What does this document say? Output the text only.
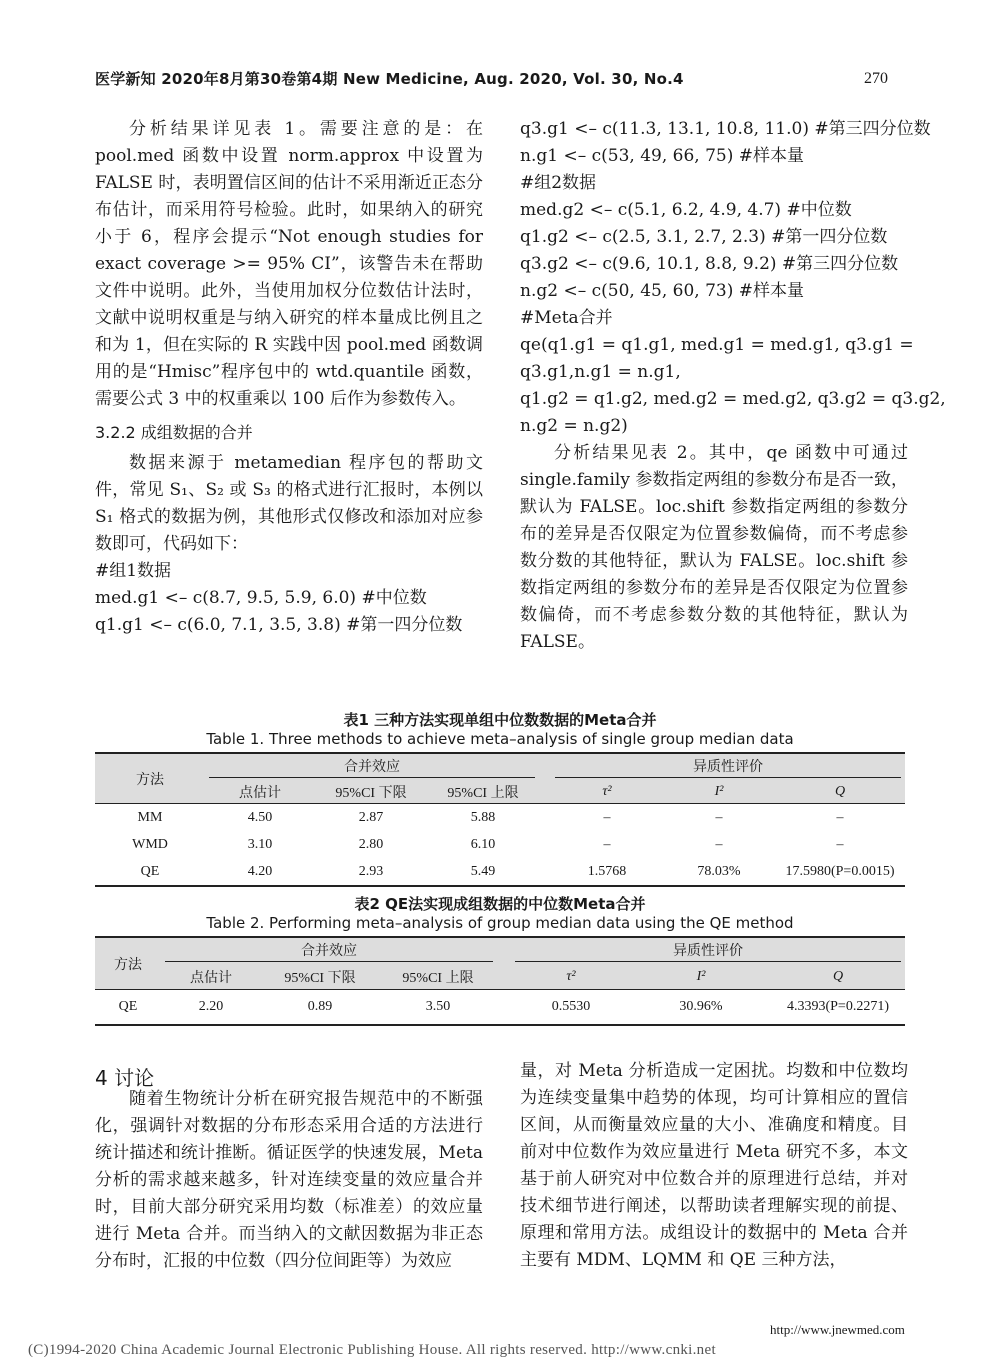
医学新知 2020年8月第30卷第4期 New Medicine, Aug. 2020, Vol. 30, No.4	270

分析结果详见表 1。需要注意的是：在 pool.med 函数中设置 norm.approx 中设置为 FALSE 时，表明置信区间的估计不采用渐近正态分布估计，而采用符号检验。此时，如果纳入的研究小于 6，程序会提示“Not enough studies for exact coverage >= 95% CI”，该警告未在帮助文件中说明。此外，当使用加权分位数估计法时，文献中说明权重是与纳入研究的样本量成比例且之和为 1，但在实际的 R 实践中因 pool.med 函数调用的是“Hmisc”程序包中的 wtd.quantile 函数，需要公式 3 中的权重乘以 100 后作为参数传入。

3.2.2 成组数据的合并

数据来源于 metamedian 程序包的帮助文件，常见 S₁、S₂ 或 S₃ 的格式进行汇报时，本例以 S₁ 格式的数据为例，其他形式仅修改和添加对应参数即可，代码如下：

#组1数据
med.g1 <– c(8.7, 9.5, 5.9, 6.0) #中位数
q1.g1 <– c(6.0, 7.1, 3.5, 3.8) #第一四分位数
q3.g1 <– c(11.3, 13.1, 10.8, 11.0) #第三四分位数
n.g1 <– c(53, 49, 66, 75) #样本量
#组2数据
med.g2 <– c(5.1, 6.2, 4.9, 4.7) #中位数
q1.g2 <– c(2.5, 3.1, 2.7, 2.3) #第一四分位数
q3.g2 <– c(9.6, 10.1, 8.8, 9.2) #第三四分位数
n.g2 <– c(50, 45, 60, 73) #样本量
#Meta合并
qe(q1.g1 = q1.g1, med.g1 = med.g1, q3.g1 =
q3.g1,n.g1 = n.g1,
q1.g2 = q1.g2, med.g2 = med.g2, q3.g2 = q3.g2,
n.g2 = n.g2)

分析结果见表 2。其中，qe 函数中可通过 single.family 参数指定两组的参数分布是否一致，默认为 FALSE。loc.shift 参数指定两组的参数分布的差异是否仅限定为位置参数偏倚，而不考虑参数分数的其他特征，默认为 FALSE。loc.shift 参数指定两组的参数分布的差异是否仅限定为位置参数偏倚，而不考虑参数分数的其他特征，默认为 FALSE。

表1 三种方法实现单组中位数数据的Meta合并
Table 1. Three methods to achieve meta–analysis of single group median data
方法	合并效应				异质性评价		

	点估计	95%CI 下限	95%CI 上限		τ²	I²	Q
MM	4.50	2.87	5.88		–	–	–
WMD	3.10	2.80	6.10		–	–	–
QE	4.20	2.93	5.49		1.5768	78.03%	17.5980(P=0.0015)
表2 QE法实现成组数据的中位数Meta合并
Table 2. Performing meta–analysis of group median data using the QE method
方法	合并效应				异质性评价		

	点估计	95%CI 下限	95%CI 上限		τ²	I²	Q
QE	2.20	0.89	3.50		0.5530	30.96%	4.3393(P=0.2271)
4 讨论

随着生物统计分析在研究报告规范中的不断强化，强调针对数据的分布形态采用合适的方法进行统计描述和统计推断。循证医学的快速发展，Meta 分析的需求越来越多，针对连续变量的效应量合并时，目前大部分研究采用均数（标准差）的效应量进行 Meta 合并。而当纳入的文献因数据为非正态分布时，汇报的中位数（四分位间距等）为效应

量，对 Meta 分析造成一定困扰。均数和中位数均为连续变量集中趋势的体现，均可计算相应的置信区间，从而衡量效应量的大小、准确度和精度。目前对中位数作为效应量进行 Meta 研究不多，本文基于前人研究对中位数合并的原理进行总结，并对技术细节进行阐述，以帮助读者理解实现的前提、原理和常用方法。成组设计的数据中的 Meta 合并主要有 MDM、LQMM 和 QE 三种方法，

http://www.jnewmed.com
(C)1994-2020 China Academic Journal Electronic Publishing House. All rights reserved. http://www.cnki.net
